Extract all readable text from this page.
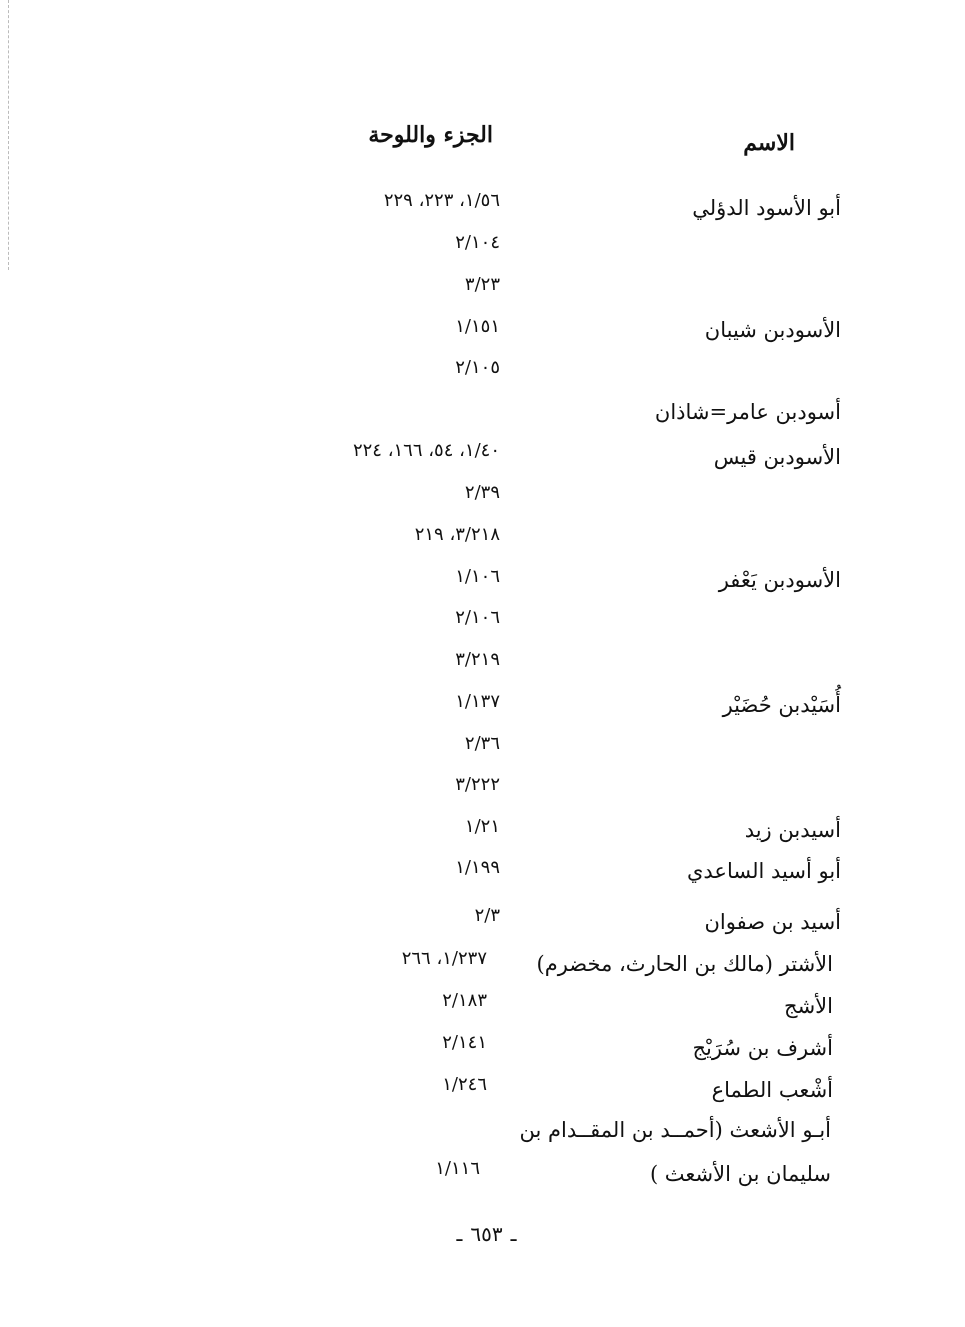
الاسم
الجزء واللوحة
أبو الأسود الدؤلي
١/٥٦، ٢٢٣، ٢٢٩
٢/١٠٤
٣/٢٣
الأسودبن شيبان
١/١٥١
٢/١٠٥
أسودبن عامر=شاذان
الأسودبن قيس
١/٤٠، ٥٤، ١٦٦، ٢٢٤
٢/٣٩
٣/٢١٨، ٢١٩
الأسودبن يَعْفر
١/١٠٦
٢/١٠٦
٣/٢١٩
أُسَيْدبن حُضَيْر
١/١٣٧
٢/٣٦
٣/٢٢٢
أسيدبن زيد
١/٢١
أبو أسيد الساعدي
١/١٩٩
أسيد بن صفوان
٢/٣
الأشتر (مالك بن الحارث، مخضرم)
١/٢٣٧، ٢٦٦
الأشج
٢/١٨٣
أشرف بن سُرَيْج
٢/١٤١
أشْعب الطماع
١/٢٤٦
أبـو الأشعث (أحمــد بن المقــدام بن
سليمان بن الأشعث )
١/١١٦
ـ٦٥٣ـ
